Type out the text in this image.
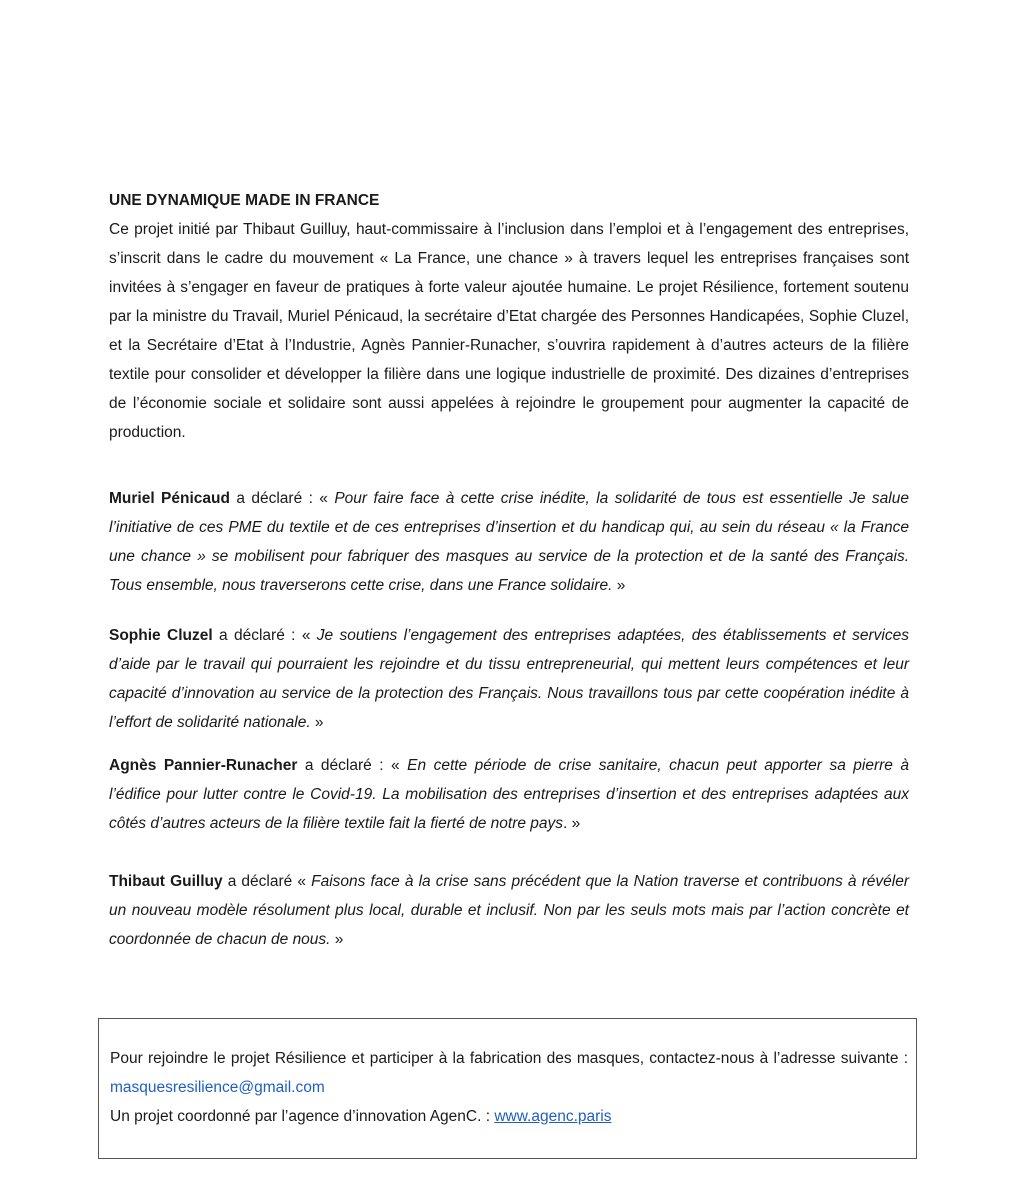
UNE DYNAMIQUE MADE IN FRANCE

Ce projet initié par Thibaut Guilluy, haut-commissaire à l’inclusion dans l’emploi et à l’engagement des entreprises, s’inscrit dans le cadre du mouvement « La France, une chance » à travers lequel les entreprises françaises sont invitées à s’engager en faveur de pratiques à forte valeur ajoutée humaine. Le projet Résilience, fortement soutenu par la ministre du Travail, Muriel Pénicaud, la secrétaire d’Etat chargée des Personnes Handicapées, Sophie Cluzel, et la Secrétaire d’Etat à l’Industrie, Agnès Pannier-Runacher, s’ouvrira rapidement à d’autres acteurs de la filière textile pour consolider et développer la filière dans une logique industrielle de proximité. Des dizaines d’entreprises de l’économie sociale et solidaire sont aussi appelées à rejoindre le groupement pour augmenter la capacité de production.

Muriel Pénicaud a déclaré : « Pour faire face à cette crise inédite, la solidarité de tous est essentielle Je salue l’initiative de ces PME du textile et de ces entreprises d’insertion et du handicap qui, au sein du réseau « la France une chance » se mobilisent pour fabriquer des masques au service de la protection et de la santé des Français. Tous ensemble, nous traverserons cette crise, dans une France solidaire. »

Sophie Cluzel a déclaré : « Je soutiens l’engagement des entreprises adaptées, des établissements et services d’aide par le travail qui pourraient les rejoindre et du tissu entrepreneurial, qui mettent leurs compétences et leur capacité d’innovation au service de la protection des Français. Nous travaillons tous par cette coopération inédite à l’effort de solidarité nationale. »

Agnès Pannier-Runacher a déclaré : « En cette période de crise sanitaire, chacun peut apporter sa pierre à l’édifice pour lutter contre le Covid-19. La mobilisation des entreprises d’insertion et des entreprises adaptées aux côtés d’autres acteurs de la filière textile fait la fierté de notre pays. »

Thibaut Guilluy a déclaré « Faisons face à la crise sans précédent que la Nation traverse et contribuons à révéler un nouveau modèle résolument plus local, durable et inclusif. Non par les seuls mots mais par l’action concrète et coordonnée de chacun de nous. »

Pour rejoindre le projet Résilience et participer à la fabrication des masques, contactez-nous à l’adresse suivante : masquesresilience@gmail.com

Un projet coordonné par l’agence d’innovation AgenC. : www.agenc.paris
